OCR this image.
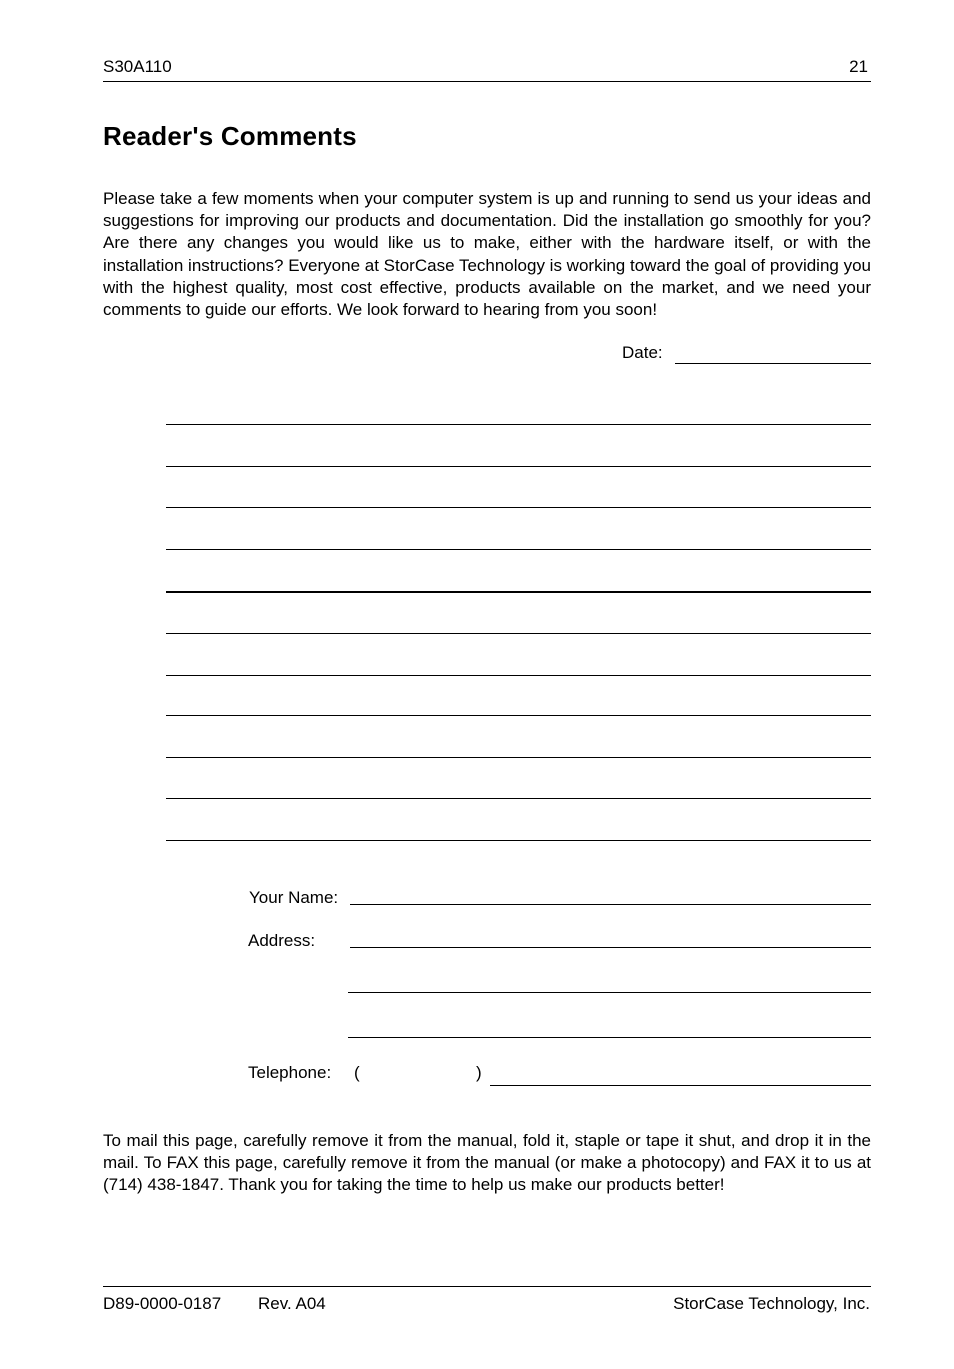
S30A110	21
Reader's Comments
Please take a few moments when your computer system is up and running to send us your ideas and suggestions for improving our products and documentation. Did the installation go smoothly for you? Are there any changes you would like us to make, either with the hardware itself, or with the installation instructions? Everyone at StorCase Technology is working toward the goal of providing you with the highest quality, most cost effective, products available on the market, and we need your comments to guide our efforts. We look forward to hearing from you soon!
Date:
Your Name:
Address:
Telephone: (	)
To mail this page, carefully remove it from the manual, fold it, staple or tape it shut, and drop it in the mail. To FAX this page, carefully remove it from the manual (or make a photocopy) and FAX it to us at (714) 438-1847. Thank you for taking the time to help us make our products better!
D89-0000-0187 Rev. A04	StorCase Technology, Inc.
